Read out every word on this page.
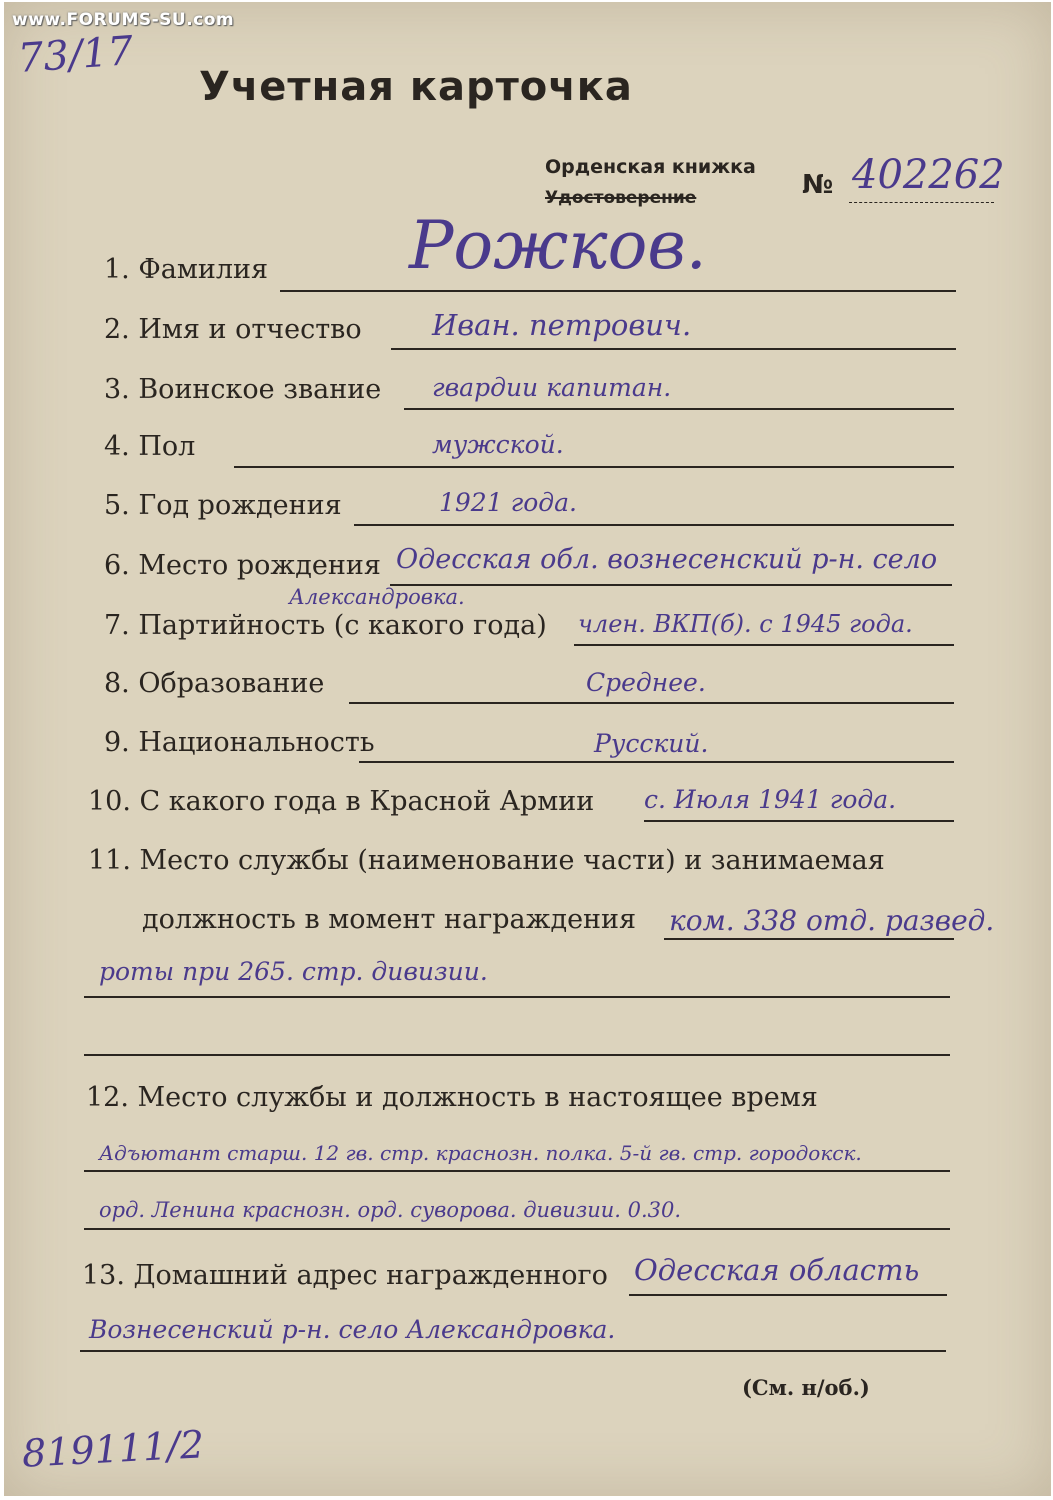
www.FORUMS-SU.com
73/17
Учетная карточка
Орденская книжка
Удостоверение	№ 402262
1. Фамилия Рожков.
2. Имя и отчество Иван. петрович.
3. Воинское звание гвардии капитан.
4. Пол	мужской.
5. Год рождения	1921 года.
6. Место рождения Одесская обл. вознесенский р-н. село
Александровка.
7. Партийность (с какого года) член. ВКП(б). с 1945 года.
8. Образование	Среднее.
9. Национальность	Русский.
10. С какого года в Красной Армии с. Июля 1941 года.
11. Место службы (наименование части) и занимаемая
должность в момент награждения ком. 338 отд. развед.
роты при 265. стр. дивизии.
12. Место службы и должность в настоящее время
Адъютант старш. 12 гв. стр. краснозн. полка. 5-й гв. стр. городокск.
орд. Ленина краснозн. орд. суворова. дивизии. 0.30.
13. Домашний адрес награжденного Одесская область
Вознесенский р-н. село Александровка.
(См. н/об.)
819111/2
